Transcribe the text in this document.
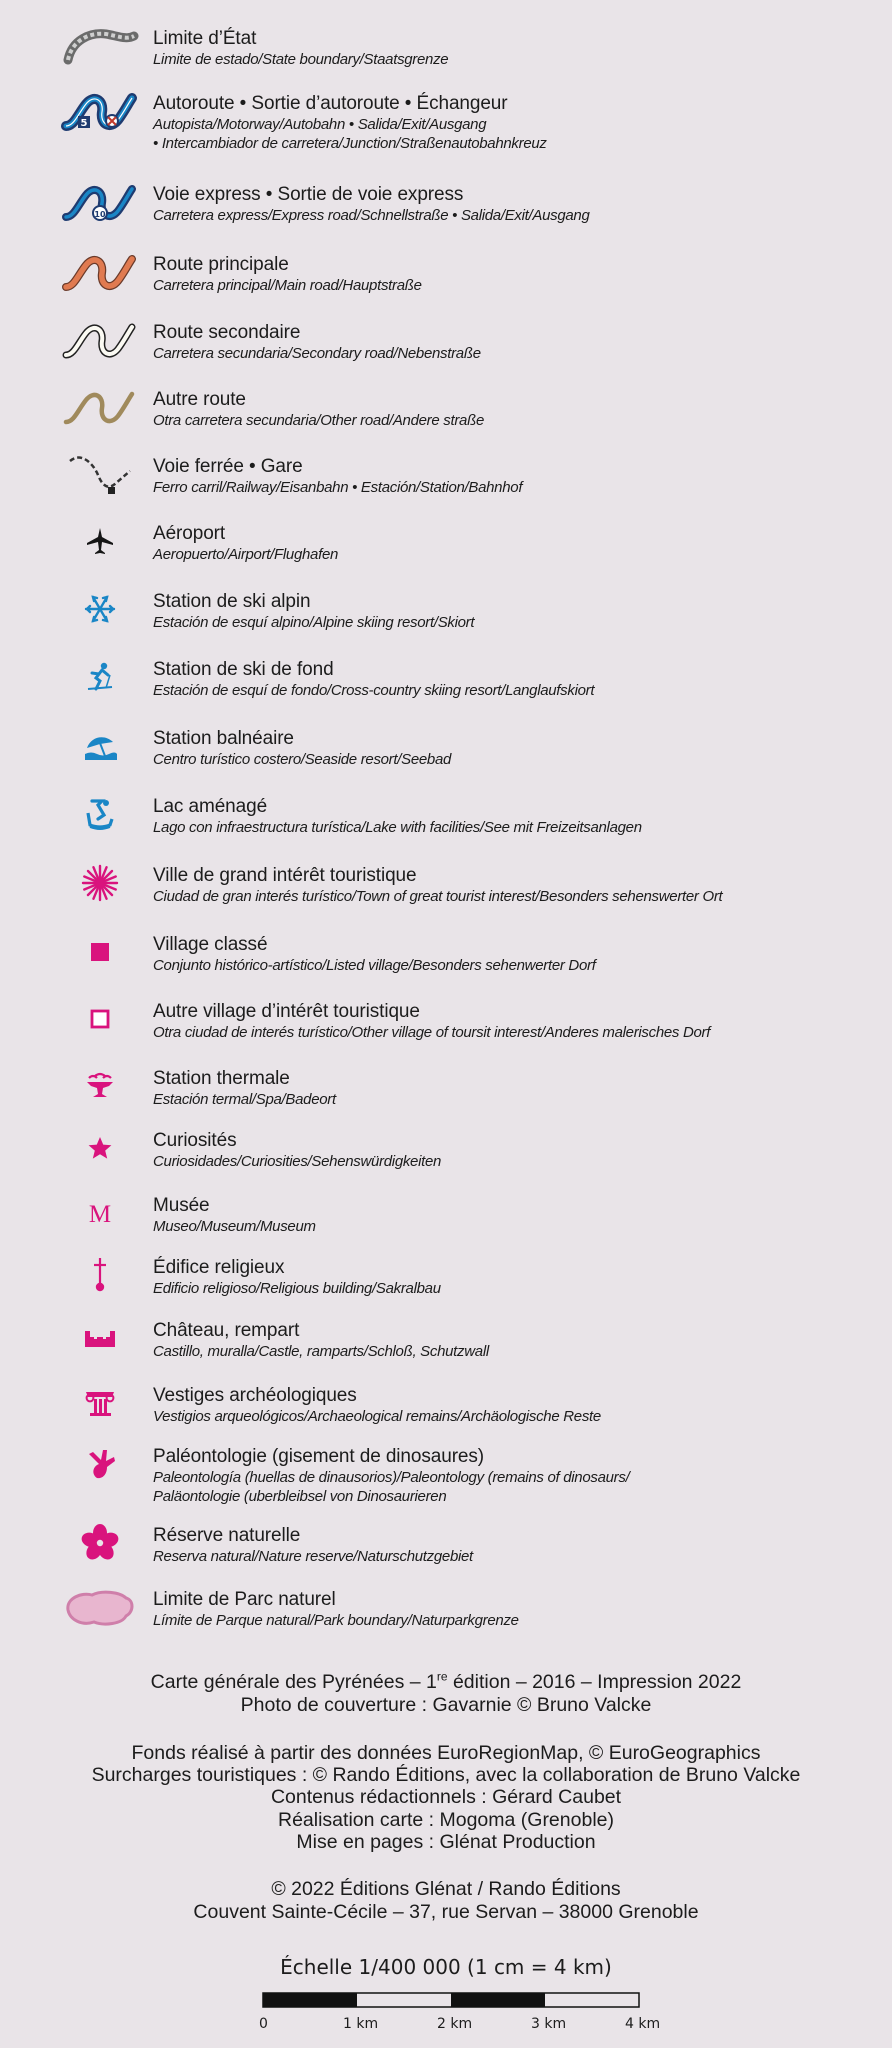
Limite d’État
Limite de estado/State boundary/Staatsgrenze
5
Autoroute • Sortie d’autoroute • Échangeur
Autopista/Motorway/Autobahn • Salida/Exit/Ausgang
• Intercambiador de carretera/Junction/Straßenautobahnkreuz
10
Voie express • Sortie de voie express
Carretera express/Express road/Schnellstraße • Salida/Exit/Ausgang
Route principale
Carretera principal/Main road/Hauptstraße
Route secondaire
Carretera secundaria/Secondary road/Nebenstraße
Autre route
Otra carretera secundaria/Other road/Andere straße
Voie ferrée • Gare
Ferro carril/Railway/Eisanbahn • Estación/Station/Bahnhof
Aéroport
Aeropuerto/Airport/Flughafen
Station de ski alpin
Estación de esquí alpino/Alpine skiing resort/Skiort
Station de ski de fond
Estación de esquí de fondo/Cross-country skiing resort/Langlaufskiort
Station balnéaire
Centro turístico costero/Seaside resort/Seebad
Lac aménagé
Lago con infraestructura turística/Lake with facilities/See mit Freizeitsanlagen
Ville de grand intérêt touristique
Ciudad de gran interés turístico/Town of great tourist interest/Besonders sehenswerter Ort
Village classé
Conjunto histórico-artístico/Listed village/Besonders sehenwerter Dorf
Autre village d’intérêt touristique
Otra ciudad de interés turístico/Other village of toursit interest/Anderes malerisches Dorf
Station thermale
Estación termal/Spa/Badeort
Curiosités
Curiosidades/Curiosities/Sehenswürdigkeiten
M Musée
Museo/Museum/Museum
Édifice religieux
Edificio religioso/Religious building/Sakralbau
Château, rempart
Castillo, muralla/Castle, ramparts/Schloß, Schutzwall
Vestiges archéologiques
Vestigios arqueológicos/Archaeological remains/Archäologische Reste
Paléontologie (gisement de dinosaures)
Paleontología (huellas de dinausorios)/Paleontology (remains of dinosaurs/
Paläontologie (uberbleibsel von Dinosaurieren
Réserve naturelle
Reserva natural/Nature reserve/Naturschutzgebiet
Limite de Parc naturel
Límite de Parque natural/Park boundary/Naturparkgrenze
Carte générale des Pyrénées – 1re édition – 2016 – Impression 2022
Photo de couverture : Gavarnie © Bruno Valcke
Fonds réalisé à partir des données EuroRegionMap, © EuroGeographics
Surcharges touristiques : © Rando Éditions, avec la collaboration de Bruno Valcke
Contenus rédactionnels : Gérard Caubet
Réalisation carte : Mogoma (Grenoble)
Mise en pages : Glénat Production
© 2022 Éditions Glénat / Rando Éditions
Couvent Sainte-Cécile – 37, rue Servan – 38000 Grenoble
Échelle 1/400 000 (1 cm = 4 km)
0	1 km	2 km	3 km	4 km
